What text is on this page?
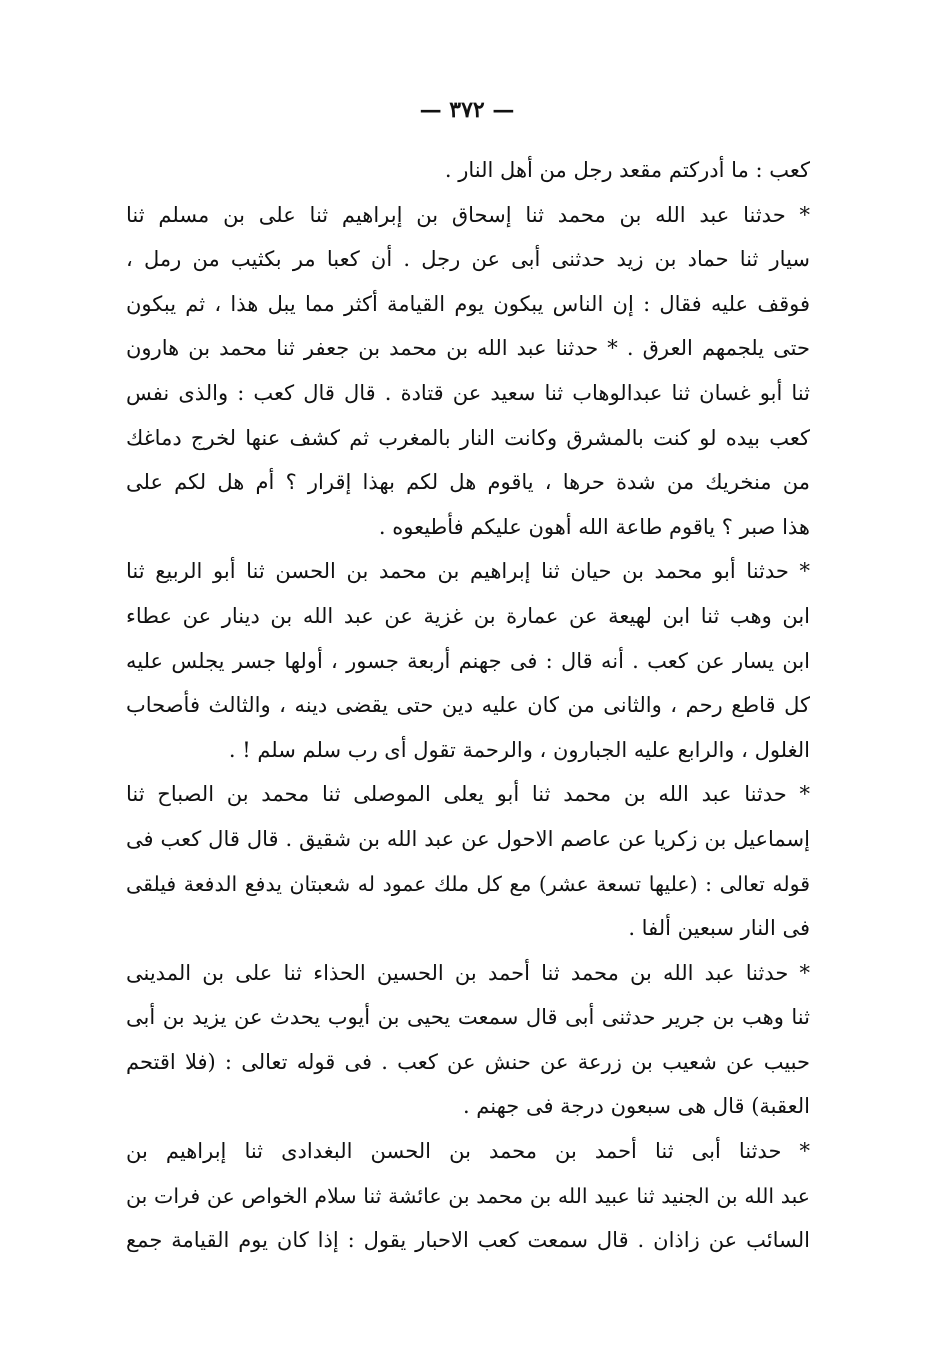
— ٣٧٢ —
كعب : ما أدركتم مقعد رجل من أهل النار .
* حدثنا عبد الله بن محمد ثنا إسحاق بن إبراهيم ثنا على بن مسلم ثنا
سيار ثنا حماد بن زيد حدثنى أبى عن رجل . أن كعبا مر بكثيب من رمل ،
فوقف عليه فقال : إن الناس يبكون يوم القيامة أكثر مما يبل هذا ، ثم يبكون
حتى يلجمهم العرق . * حدثنا عبد الله بن محمد بن جعفر ثنا محمد بن هارون
ثنا أبو غسان ثنا عبدالوهاب ثنا سعيد عن قتادة . قال قال كعب : والذى نفس
كعب بيده لو كنت بالمشرق وكانت النار بالمغرب ثم كشف عنها لخرج دماغك
من منخريك من شدة حرها ، ياقوم هل لكم بهذا إقرار ؟ أم هل لكم على
هذا صبر ؟ ياقوم طاعة الله أهون عليكم فأطيعوه .
* حدثنا أبو محمد بن حيان ثنا إبراهيم بن محمد بن الحسن ثنا أبو الربيع ثنا
ابن وهب ثنا ابن لهيعة عن عمارة بن غزية عن عبد الله بن دينار عن عطاء
ابن يسار عن كعب . أنه قال : فى جهنم أربعة جسور ، أولها جسر يجلس عليه
كل قاطع رحم ، والثانى من كان عليه دين حتى يقضى دينه ، والثالث فأصحاب
الغلول ، والرابع عليه الجبارون ، والرحمة تقول أى رب سلم سلم ! .
* حدثنا عبد الله بن محمد ثنا أبو يعلى الموصلى ثنا محمد بن الصباح ثنا
إسماعيل بن زكريا عن عاصم الاحول عن عبد الله بن شقيق . قال قال كعب فى
قوله تعالى : (عليها تسعة عشر) مع كل ملك عمود له شعبتان يدفع الدفعة فيلقى
فى النار سبعين ألفا .
* حدثنا عبد الله بن محمد ثنا أحمد بن الحسين الحذاء ثنا على بن المدينى
ثنا وهب بن جرير حدثنى أبى قال سمعت يحيى بن أيوب يحدث عن يزيد بن أبى
حبيب عن شعيب بن زرعة عن حنش عن كعب . فى قوله تعالى : (فلا اقتحم
العقبة) قال هى سبعون درجة فى جهنم .
* حدثنا أبى ثنا أحمد بن محمد بن الحسن البغدادى ثنا إبراهيم بن
عبد الله بن الجنيد ثنا عبيد الله بن محمد بن عائشة ثنا سلام الخواص عن فرات بن
السائب عن زاذان . قال سمعت كعب الاحبار يقول : إذا كان يوم القيامة جمع
